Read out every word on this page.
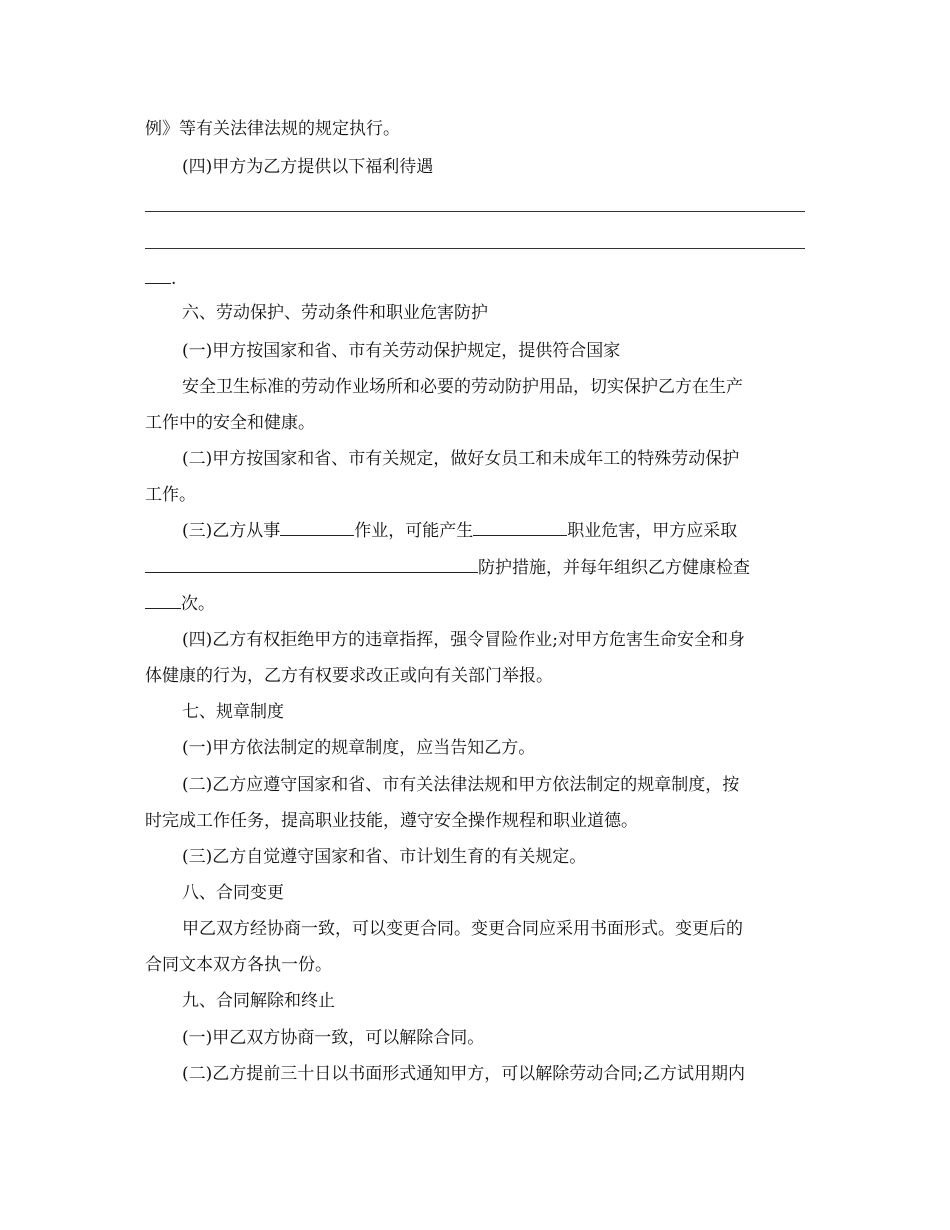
例》等有关法律法规的规定执行。
(四)甲方为乙方提供以下福利待遇
.
六、劳动保护、劳动条件和职业危害防护
(一)甲方按国家和省、市有关劳动保护规定，提供符合国家
安全卫生标准的劳动作业场所和必要的劳动防护用品，切实保护乙方在生产
工作中的安全和健康。
(二)甲方按国家和省、市有关规定，做好女员工和未成年工的特殊劳动保护
工作。
(三)乙方从事	作业，可能产生	职业危害，甲方应采取
防护措施，并每年组织乙方健康检查
次。
(四)乙方有权拒绝甲方的违章指挥，强令冒险作业;对甲方危害生命安全和身
体健康的行为，乙方有权要求改正或向有关部门举报。
七、规章制度
(一)甲方依法制定的规章制度，应当告知乙方。
(二)乙方应遵守国家和省、市有关法律法规和甲方依法制定的规章制度，按
时完成工作任务，提高职业技能，遵守安全操作规程和职业道德。
(三)乙方自觉遵守国家和省、市计划生育的有关规定。
八、合同变更
甲乙双方经协商一致，可以变更合同。变更合同应采用书面形式。变更后的
合同文本双方各执一份。
九、合同解除和终止
(一)甲乙双方协商一致，可以解除合同。
(二)乙方提前三十日以书面形式通知甲方，可以解除劳动合同;乙方试用期内
